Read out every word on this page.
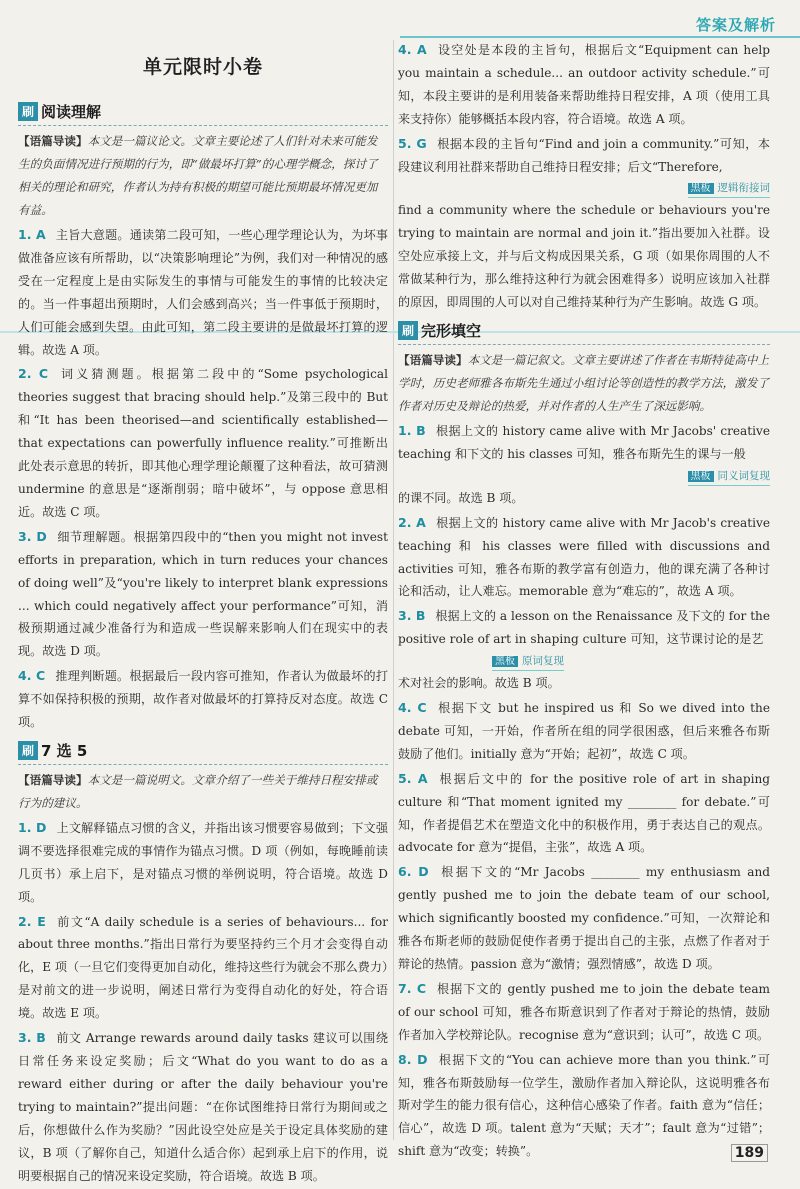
答案及解析
单元限时小卷
刷 阅读理解
【语篇导读】本文是一篇议论文。文章主要论述了人们针对未来可能发生的负面情况进行预期的行为，即“做最坏打算”的心理学概念，探讨了相关的理论和研究，作者认为持有积极的期望可能比预期最坏情况更加有益。
1. A 主旨大意题。通读第二段可知，一些心理学理论认为，为坏事做准备应该有所帮助，以“决策影响理论”为例，我们对一种情况的感受在一定程度上是由实际发生的事情与可能发生的事情的比较决定的。当一件事超出预期时，人们会感到高兴；当一件事低于预期时，人们可能会感到失望。由此可知，第二段主要讲的是做最坏打算的逻辑。故选 A 项。
2. C 词义猜测题。根据第二段中的“Some psychological theories suggest that bracing should help.”及第三段中的 But 和“It has been theorised—and scientifically established—that expectations can powerfully influence reality.”可推断出此处表示意思的转折，即其他心理学理论颠覆了这种看法，故可猜测 undermine 的意思是“逐渐削弱；暗中破坏”，与 oppose 意思相近。故选 C 项。
3. D 细节理解题。根据第四段中的“then you might not invest efforts in preparation, which in turn reduces your chances of doing well”及“you're likely to interpret blank expressions ... which could negatively affect your performance”可知，消极预期通过减少准备行为和造成一些误解来影响人们在现实中的表现。故选 D 项。
4. C 推理判断题。根据最后一段内容可推知，作者认为做最坏的打算不如保持积极的预期，故作者对做最坏的打算持反对态度。故选 C 项。
刷 7 选 5
【语篇导读】本文是一篇说明文。文章介绍了一些关于维持日程安排或行为的建议。
1. D 上文解释锚点习惯的含义，并指出该习惯要容易做到；下文强调不要选择很难完成的事情作为锚点习惯。D 项（例如，每晚睡前读几页书）承上启下，是对锚点习惯的举例说明，符合语境。故选 D 项。
2. E 前文“A daily schedule is a series of behaviours... for about three months.”指出日常行为要坚持约三个月才会变得自动化，E 项（一旦它们变得更加自动化，维持这些行为就会不那么费力）是对前文的进一步说明，阐述日常行为变得自动化的好处，符合语境。故选 E 项。
3. B 前文 Arrange rewards around daily tasks 建议可以围绕日常任务来设定奖励；后文“What do you want to do as a reward either during or after the daily behaviour you're trying to maintain?”提出问题：“在你试图维持日常行为期间或之后，你想做什么作为奖励？”因此设空处应是关于设定具体奖励的建议，B 项（了解你自己，知道什么适合你）起到承上启下的作用，说明要根据自己的情况来设定奖励，符合语境。故选 B 项。
4. A 设空处是本段的主旨句，根据后文“Equipment can help you maintain a schedule... an outdoor activity schedule.”可知，本段主要讲的是利用装备来帮助维持日程安排，A 项（使用工具来支持你）能够概括本段内容，符合语境。故选 A 项。
5. G 根据本段的主旨句“Find and join a community.”可知，本段建议利用社群来帮助自己维持日程安排；后文“Therefore,
黑板 逻辑衔接词
find a community where the schedule or behaviours you're trying to maintain are normal and join it.”指出要加入社群。设空处应承接上文，并与后文构成因果关系，G 项（如果你周围的人不常做某种行为，那么维持这种行为就会困难得多）说明应该加入社群的原因，即周围的人可以对自己维持某种行为产生影响。故选 G 项。
刷 完形填空
【语篇导读】本文是一篇记叙文。文章主要讲述了作者在韦斯特徒高中上学时，历史老师雅各布斯先生通过小组讨论等创造性的教学方法，激发了作者对历史及辩论的热爱，并对作者的人生产生了深远影响。
1. B 根据上文的 history came alive with Mr Jacobs' creative teaching 和下文的 his classes 可知，雅各布斯先生的课与一般
黑板 同义词复现
的课不同。故选 B 项。
2. A 根据上文的 history came alive with Mr Jacob's creative teaching 和 his classes were filled with discussions and activities 可知，雅各布斯的教学富有创造力，他的课充满了各种讨论和活动，让人难忘。memorable 意为“难忘的”，故选 A 项。
3. B 根据上文的 a lesson on the Renaissance 及下文的 for the positive role of art in shaping culture 可知，这节课讨论的是艺
黑板 原词复现
术对社会的影响。故选 B 项。
4. C 根据下文 but he inspired us 和 So we dived into the debate 可知，一开始，作者所在组的同学很困惑，但后来雅各布斯鼓励了他们。initially 意为“开始；起初”，故选 C 项。
5. A 根据后文中的 for the positive role of art in shaping culture 和“That moment ignited my ________ for debate.”可知，作者提倡艺术在塑造文化中的积极作用，勇于表达自己的观点。advocate for 意为“提倡，主张”，故选 A 项。
6. D 根据下文的“Mr Jacobs ________ my enthusiasm and gently pushed me to join the debate team of our school, which significantly boosted my confidence.”可知，一次辩论和雅各布斯老师的鼓励促使作者勇于提出自己的主张，点燃了作者对于辩论的热情。passion 意为“激情；强烈情感”，故选 D 项。
7. C 根据下文的 gently pushed me to join the debate team of our school 可知，雅各布斯意识到了作者对于辩论的热情，鼓励作者加入学校辩论队。recognise 意为“意识到；认可”，故选 C 项。
8. D 根据下文的“You can achieve more than you think.”可知，雅各布斯鼓励每一位学生，激励作者加入辩论队，这说明雅各布斯对学生的能力很有信心，这种信心感染了作者。faith 意为“信任；信心”，故选 D 项。talent 意为“天赋；天才”；fault 意为“过错”；shift 意为“改变；转换”。	189
